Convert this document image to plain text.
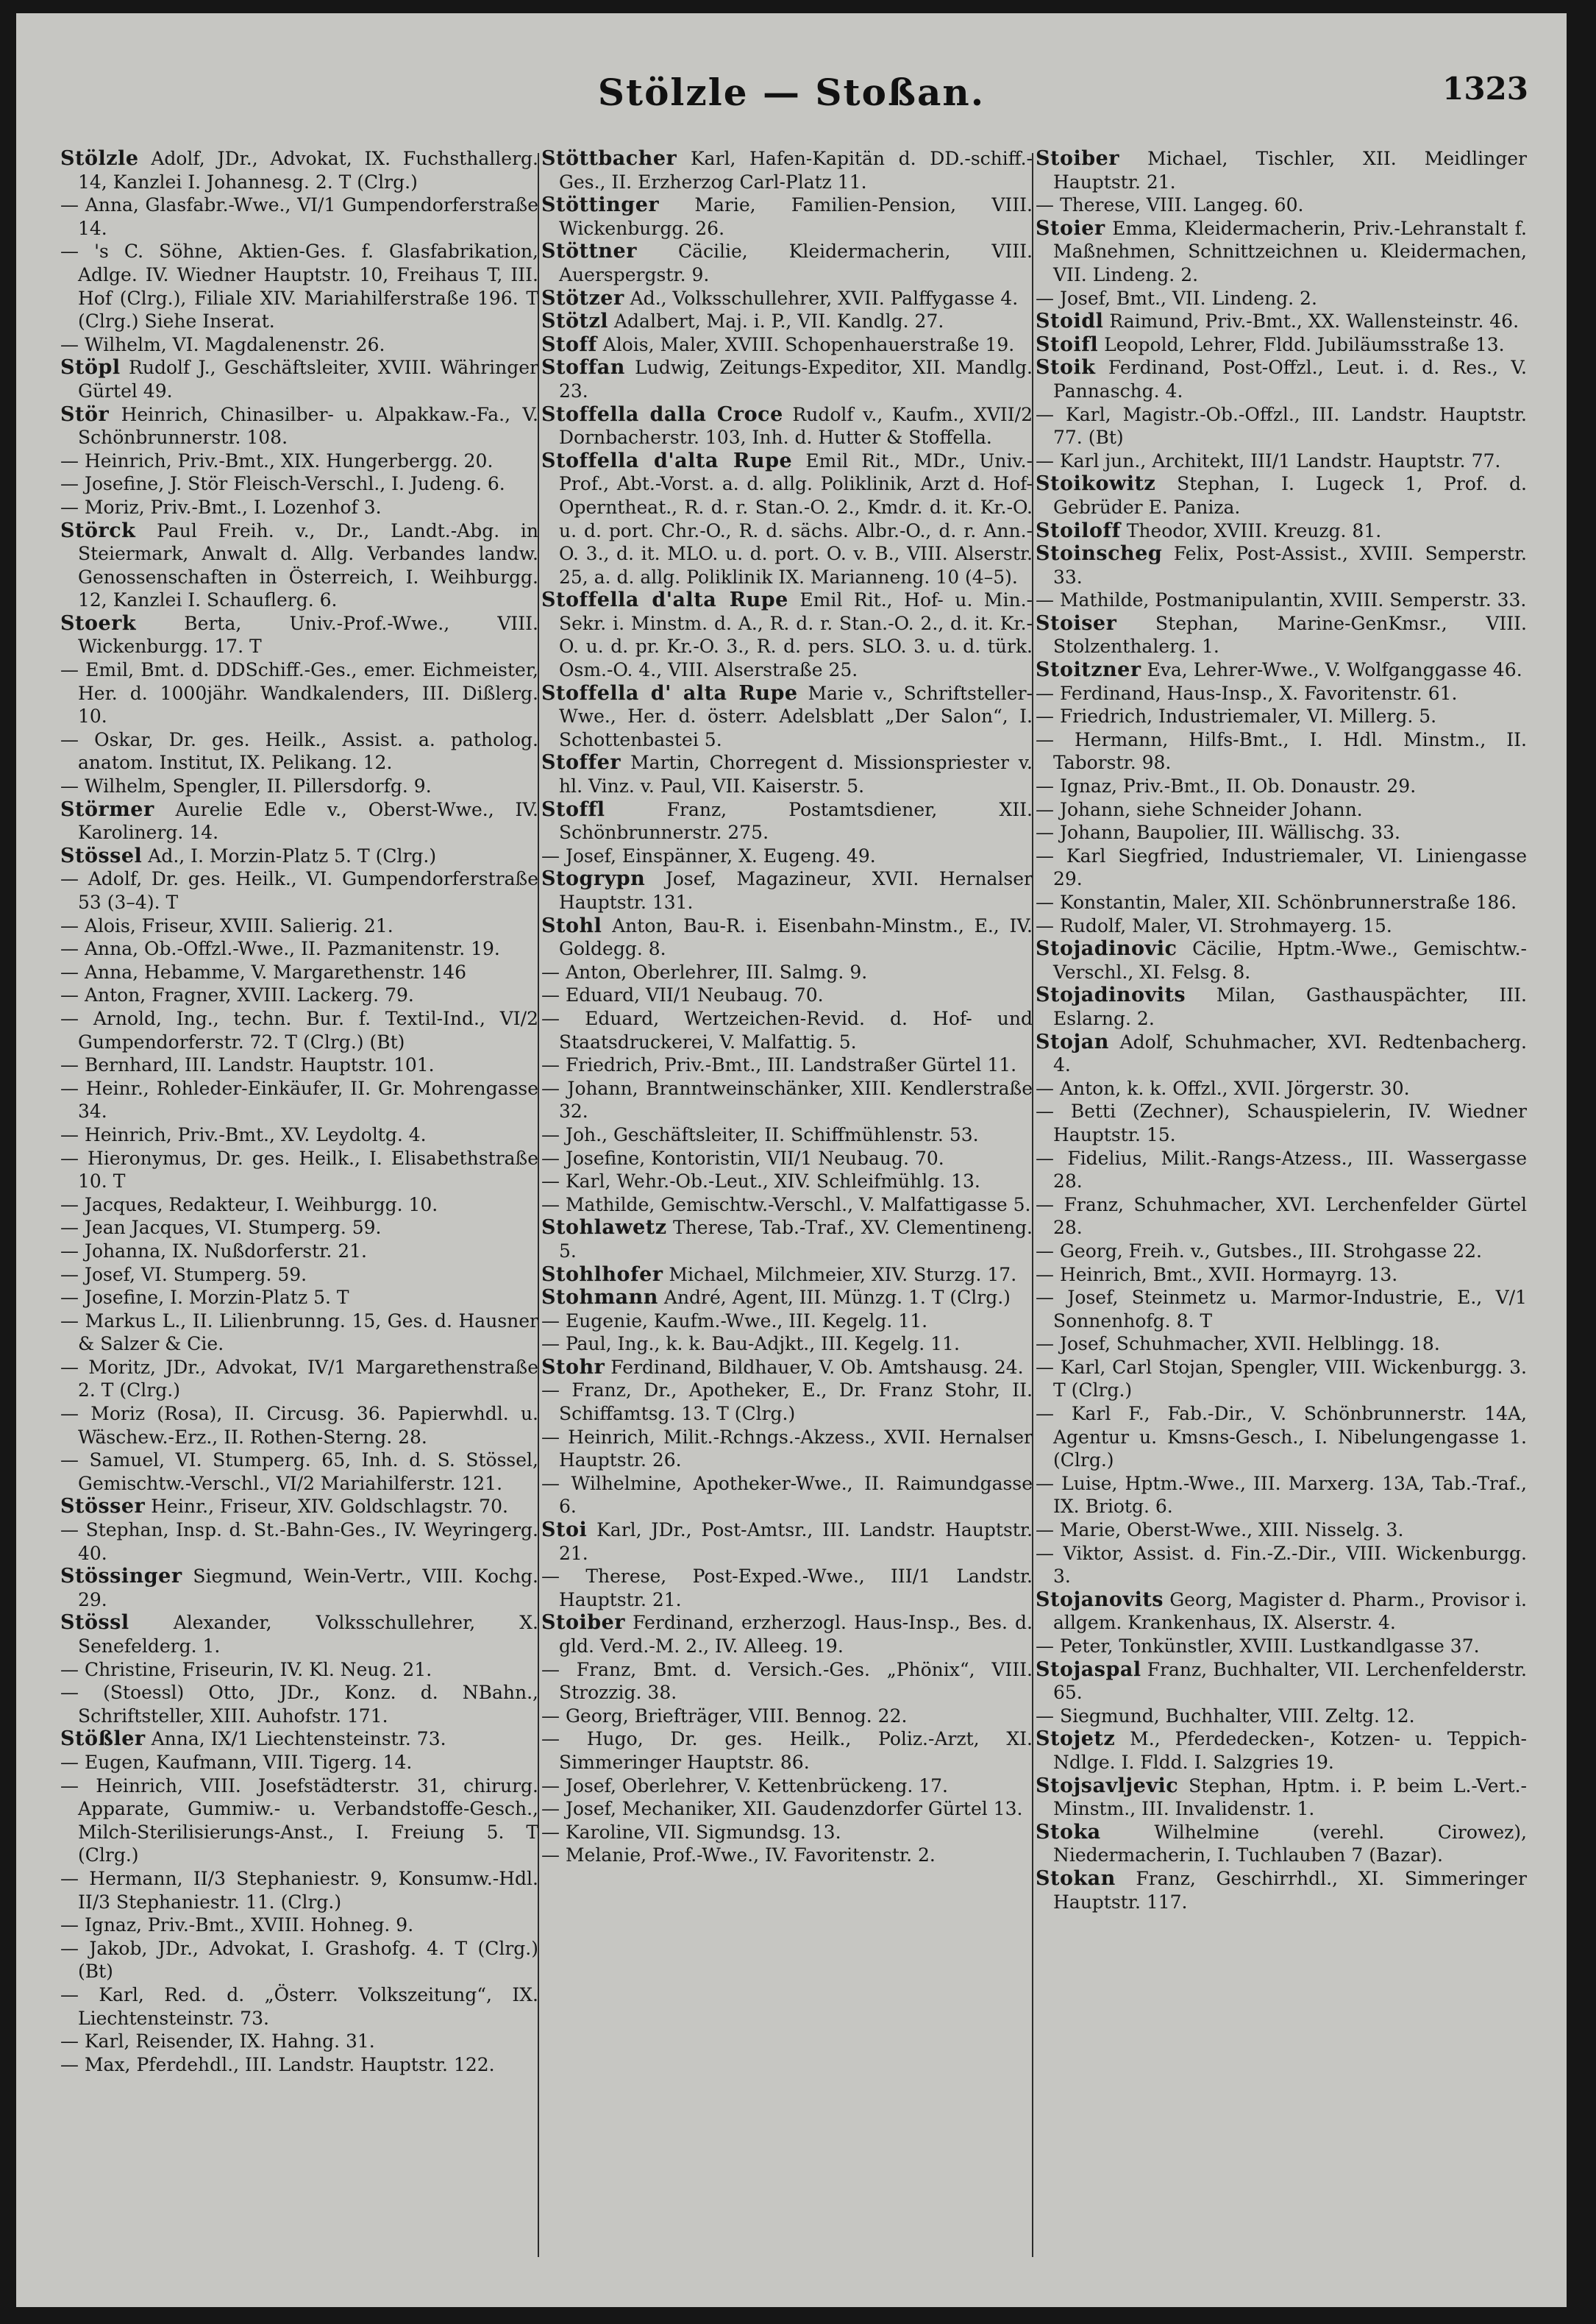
Stölzle — Stoßan.	1323

Stölzle Adolf, JDr., Advokat, IX. Fuchsthallerg. 14, Kanzlei I. Johannesg. 2. T (Clrg.)

— Anna, Glasfabr.-Wwe., VI/1 Gumpendorferstraße 14.

— 's C. Söhne, Aktien-Ges. f. Glasfabrikation, Adlge. IV. Wiedner Hauptstr. 10, Freihaus T, III. Hof (Clrg.), Filiale XIV. Mariahilferstraße 196. T (Clrg.) Siehe Inserat.

— Wilhelm, VI. Magdalenenstr. 26.

Stöpl Rudolf J., Geschäftsleiter, XVIII. Währinger Gürtel 49.

Stör Heinrich, Chinasilber- u. Alpakkaw.-Fa., V. Schönbrunnerstr. 108.

— Heinrich, Priv.-Bmt., XIX. Hungerbergg. 20.

— Josefine, J. Stör Fleisch-Verschl., I. Judeng. 6.

— Moriz, Priv.-Bmt., I. Lozenhof 3.

Störck Paul Freih. v., Dr., Landt.-Abg. in Steiermark, Anwalt d. Allg. Verbandes landw. Genossenschaften in Österreich, I. Weihburgg. 12, Kanzlei I. Schauflerg. 6.

Stoerk	Berta, Univ.-Prof.-Wwe., VIII. Wickenburgg. 17. T

— Emil, Bmt. d. DDSchiff.-Ges., emer. Eichmeister, Her. d. 1000jähr. Wandkalenders, III. Dißlerg. 10.

— Oskar, Dr. ges. Heilk., Assist. a. patholog. anatom. Institut, IX. Pelikang. 12.

— Wilhelm, Spengler, II. Pillersdorfg. 9.

Störmer Aurelie Edle v., Oberst-Wwe., IV. Karolinerg. 14.

Stössel Ad., I. Morzin-Platz 5. T (Clrg.)

— Adolf, Dr. ges. Heilk., VI. Gumpendorferstraße 53 (3–4). T

— Alois, Friseur, XVIII. Salierig. 21.

— Anna, Ob.-Offzl.-Wwe., II. Pazmanitenstr. 19.

— Anna, Hebamme, V. Margarethenstr. 146

— Anton, Fragner, XVIII. Lackerg. 79.

— Arnold, Ing., techn. Bur. f. Textil-Ind., VI/2 Gumpendorferstr. 72. T (Clrg.) (Bt)

— Bernhard, III. Landstr. Hauptstr. 101.

— Heinr., Rohleder-Einkäufer, II. Gr. Mohrengasse 34.

— Heinrich, Priv.-Bmt., XV. Leydoltg. 4.

— Hieronymus, Dr. ges. Heilk., I. Elisabethstraße 10. T

— Jacques, Redakteur, I. Weihburgg. 10.

— Jean Jacques, VI. Stumperg. 59.

— Johanna, IX. Nußdorferstr. 21.

— Josef, VI. Stumperg. 59.

— Josefine, I. Morzin-Platz 5. T

— Markus L., II. Lilienbrunng. 15, Ges. d. Hausner & Salzer & Cie.

— Moritz, JDr., Advokat, IV/1 Margarethenstraße 2. T (Clrg.)

— Moriz (Rosa), II. Circusg. 36. Papierwhdl. u. Wäschew.-Erz., II. Rothen-Sterng. 28.

— Samuel, VI. Stumperg. 65, Inh. d. S. Stössel, Gemischtw.-Verschl., VI/2 Mariahilferstr. 121.

Stösser Heinr., Friseur, XIV. Goldschlagstr. 70.

— Stephan, Insp. d. St.-Bahn-Ges., IV. Weyringerg. 40.

Stössinger Siegmund, Wein-Vertr., VIII. Kochg. 29.

Stössl Alexander, Volksschullehrer, X. Senefelderg. 1.

— Christine, Friseurin, IV. Kl. Neug. 21.

— (Stoessl) Otto, JDr., Konz. d. NBahn., Schriftsteller, XIII. Auhofstr. 171.

Stößler Anna, IX/1 Liechtensteinstr. 73.

— Eugen, Kaufmann, VIII. Tigerg. 14.

— Heinrich, VIII. Josefstädterstr. 31, chirurg. Apparate, Gummiw.- u. Verbandstoffe-Gesch., Milch-Sterilisierungs-Anst., I. Freiung 5. T (Clrg.)

— Hermann, II/3 Stephaniestr. 9, Konsumw.-Hdl. II/3 Stephaniestr. 11. (Clrg.)

— Ignaz, Priv.-Bmt., XVIII. Hohneg. 9.

— Jakob, JDr., Advokat, I. Grashofg. 4. T (Clrg.) (Bt)

— Karl, Red. d. „Österr. Volkszeitung“, IX. Liechtensteinstr. 73.

— Karl, Reisender, IX. Hahng. 31.

— Max, Pferdehdl., III. Landstr. Hauptstr. 122.

Stöttbacher Karl, Hafen-Kapitän d. DD.-schiff.-Ges., II. Erzherzog Carl-Platz 11.

Stöttinger Marie, Familien-Pension, VIII. Wickenburgg. 26.

Stöttner Cäcilie, Kleidermacherin, VIII. Auerspergstr. 9.

Stötzer Ad., Volksschullehrer, XVII. Palffygasse 4.

Stötzl Adalbert, Maj. i. P., VII. Kandlg. 27.

Stoff Alois, Maler, XVIII. Schopenhauerstraße 19.

Stoffan Ludwig, Zeitungs-Expeditor, XII. Mandlg. 23.

Stoffella dalla Croce Rudolf v., Kaufm., XVII/2 Dornbacherstr. 103, Inh. d. Hutter & Stoffella.

Stoffella d'alta Rupe Emil Rit., MDr., Univ.-Prof., Abt.-Vorst. a. d. allg. Poliklinik, Arzt d. Hof-Operntheat., R. d. r. Stan.-O. 2., Kmdr. d. it. Kr.-O. u. d. port. Chr.-O., R. d. sächs. Albr.-O., d. r. Ann.-O. 3., d. it. MLO. u. d. port. O. v. B., VIII. Alserstr. 25, a. d. allg. Poliklinik IX. Marianneng. 10 (4–5).

Stoffella d'alta Rupe Emil Rit., Hof- u. Min.-Sekr. i. Minstm. d. A., R. d. r. Stan.-O. 2., d. it. Kr.-O. u. d. pr. Kr.-O. 3., R. d. pers. SLO. 3. u. d. türk. Osm.-O. 4., VIII. Alserstraße 25.

Stoffella d' alta Rupe Marie v., Schriftsteller-Wwe., Her. d. österr. Adelsblatt „Der Salon“, I. Schottenbastei 5.

Stoffer Martin, Chorregent d. Missionspriester v. hl. Vinz. v. Paul, VII. Kaiserstr. 5.

Stoffl	Franz, Postamtsdiener, XII. Schönbrunnerstr. 275.

— Josef, Einspänner, X. Eugeng. 49.

Stogrypn Josef, Magazineur, XVII. Hernalser Hauptstr. 131.

Stohl Anton, Bau-R. i. Eisenbahn-Minstm., E., IV. Goldegg. 8.

— Anton, Oberlehrer, III. Salmg. 9.

— Eduard, VII/1 Neubaug. 70.

— Eduard, Wertzeichen-Revid. d. Hof- und Staatsdruckerei, V. Malfattig. 5.

— Friedrich, Priv.-Bmt., III. Landstraßer Gürtel 11.

— Johann, Branntweinschänker, XIII. Kendlerstraße 32.

— Joh., Geschäftsleiter, II. Schiffmühlenstr. 53.

— Josefine, Kontoristin, VII/1 Neubaug. 70.

— Karl, Wehr.-Ob.-Leut., XIV. Schleifmühlg. 13.

— Mathilde, Gemischtw.-Verschl., V. Malfattigasse 5.

Stohlawetz Therese, Tab.-Traf., XV. Clementineng. 5.

Stohlhofer Michael, Milchmeier, XIV. Sturzg. 17.

Stohmann André, Agent, III. Münzg. 1. T (Clrg.)

— Eugenie, Kaufm.-Wwe., III. Kegelg. 11.

— Paul, Ing., k. k. Bau-Adjkt., III. Kegelg. 11.

Stohr Ferdinand, Bildhauer, V. Ob. Amtshausg. 24.

— Franz, Dr., Apotheker, E., Dr. Franz Stohr, II. Schiffamtsg. 13. T (Clrg.)

— Heinrich, Milit.-Rchngs.-Akzess., XVII. Hernalser Hauptstr. 26.

— Wilhelmine, Apotheker-Wwe., II. Raimundgasse 6.

Stoi Karl, JDr., Post-Amtsr., III. Landstr. Hauptstr. 21.

— Therese, Post-Exped.-Wwe., III/1 Landstr. Hauptstr. 21.

Stoiber Ferdinand, erzherzogl. Haus-Insp., Bes. d. gld. Verd.-M. 2., IV. Alleeg. 19.

— Franz, Bmt. d. Versich.-Ges. „Phönix“, VIII. Strozzig. 38.

— Georg, Briefträger, VIII. Bennog. 22.

— Hugo, Dr. ges. Heilk., Poliz.-Arzt, XI. Simmeringer Hauptstr. 86.

— Josef, Oberlehrer, V. Kettenbrückeng. 17.

— Josef, Mechaniker, XII. Gaudenzdorfer Gürtel 13.

— Karoline, VII. Sigmundsg. 13.

— Melanie, Prof.-Wwe., IV. Favoritenstr. 2.

Stoiber Michael, Tischler, XII. Meidlinger Hauptstr. 21.

— Therese, VIII. Langeg. 60.

Stoier Emma, Kleidermacherin, Priv.-Lehranstalt f. Maßnehmen, Schnittzeichnen u. Kleidermachen, VII. Lindeng. 2.

— Josef, Bmt., VII. Lindeng. 2.

Stoidl Raimund, Priv.-Bmt., XX. Wallensteinstr. 46.

Stoifl Leopold, Lehrer, Fldd. Jubiläumsstraße 13.

Stoik Ferdinand, Post-Offzl., Leut. i. d. Res., V. Pannaschg. 4.

— Karl, Magistr.-Ob.-Offzl., III. Landstr. Hauptstr. 77. (Bt)

— Karl jun., Architekt, III/1 Landstr. Hauptstr. 77.

Stoikowitz Stephan, I. Lugeck 1, Prof. d. Gebrüder E. Paniza.

Stoiloff Theodor, XVIII. Kreuzg. 81.

Stoinscheg Felix, Post-Assist., XVIII. Semperstr. 33.

— Mathilde, Postmanipulantin, XVIII. Semperstr. 33.

Stoiser Stephan, Marine-GenKmsr., VIII. Stolzenthalerg. 1.

Stoitzner Eva, Lehrer-Wwe., V. Wolfganggasse 46.

— Ferdinand, Haus-Insp., X. Favoritenstr. 61.

— Friedrich, Industriemaler, VI. Millerg. 5.

— Hermann, Hilfs-Bmt., I. Hdl. Minstm., II. Taborstr. 98.

— Ignaz, Priv.-Bmt., II. Ob. Donaustr. 29.

— Johann, siehe Schneider Johann.

— Johann, Baupolier, III. Wällischg. 33.

— Karl Siegfried, Industriemaler, VI. Liniengasse 29.

— Konstantin, Maler, XII. Schönbrunnerstraße 186.

— Rudolf, Maler, VI. Strohmayerg. 15.

Stojadinovic Cäcilie, Hptm.-Wwe., Gemischtw.-Verschl., XI. Felsg. 8.

Stojadinovits Milan, Gasthauspächter, III. Eslarng. 2.

Stojan Adolf, Schuhmacher, XVI. Redtenbacherg. 4.

— Anton, k. k. Offzl., XVII. Jörgerstr. 30.

— Betti (Zechner), Schauspielerin, IV. Wiedner Hauptstr. 15.

— Fidelius, Milit.-Rangs-Atzess., III. Wassergasse 28.

— Franz, Schuhmacher, XVI. Lerchenfelder Gürtel 28.

— Georg, Freih. v., Gutsbes., III. Strohgasse 22.

— Heinrich, Bmt., XVII. Hormayrg. 13.

— Josef, Steinmetz u. Marmor-Industrie, E., V/1 Sonnenhofg. 8. T

— Josef, Schuhmacher, XVII. Helblingg. 18.

— Karl, Carl Stojan, Spengler, VIII. Wickenburgg. 3. T (Clrg.)

— Karl F., Fab.-Dir., V. Schönbrunnerstr. 14A, Agentur u. Kmsns-Gesch., I. Nibelungengasse 1. (Clrg.)

— Luise, Hptm.-Wwe., III. Marxerg. 13A, Tab.-Traf., IX. Briotg. 6.

— Marie, Oberst-Wwe., XIII. Nisselg. 3.

— Viktor, Assist. d. Fin.-Z.-Dir., VIII. Wickenburgg. 3.

Stojanovits Georg, Magister d. Pharm., Provisor i. allgem. Krankenhaus, IX. Alserstr. 4.

— Peter, Tonkünstler, XVIII. Lustkandlgasse 37.

Stojaspal Franz, Buchhalter, VII. Lerchenfelderstr. 65.

— Siegmund, Buchhalter, VIII. Zeltg. 12.

Stojetz M., Pferdedecken-, Kotzen- u. Teppich-Ndlge. I. Fldd. I. Salzgries 19.

Stojsavljevic Stephan, Hptm. i. P. beim L.-Vert.-Minstm., III. Invalidenstr. 1.

Stoka	Wilhelmine (verehl. Cirowez), Niedermacherin, I. Tuchlauben 7 (Bazar).

Stokan Franz, Geschirrhdl., XI. Simmeringer Hauptstr. 117.
